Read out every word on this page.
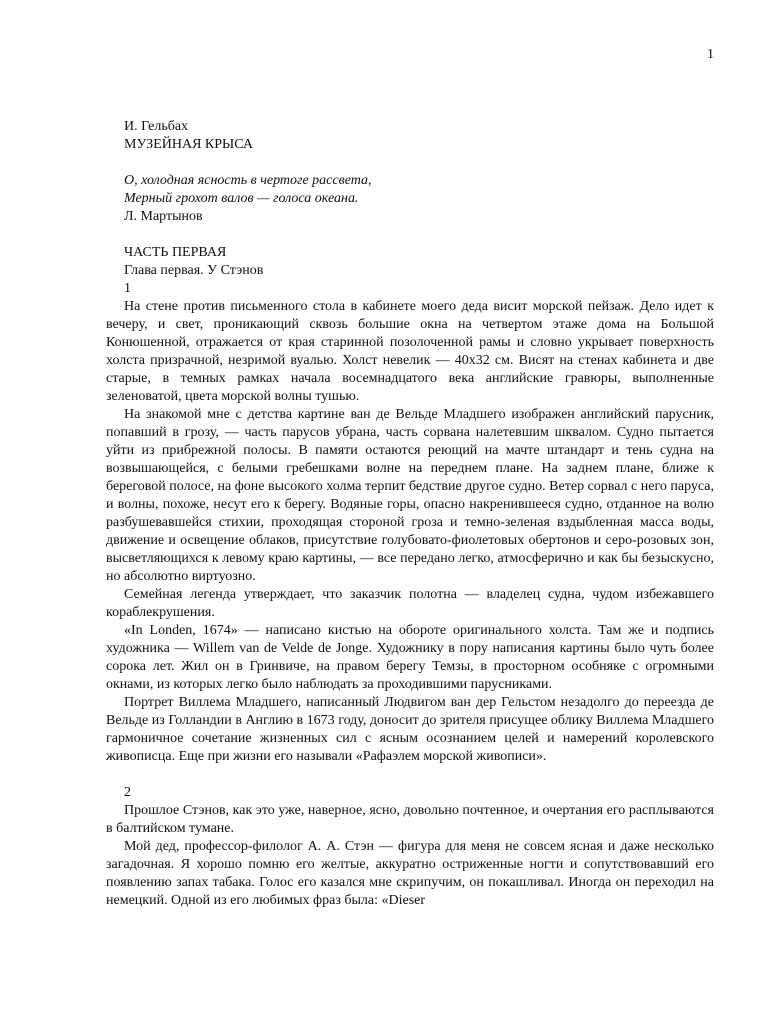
1
И. Гельбах
МУЗЕЙНАЯ КРЫСА
О, холодная ясность в чертоге рассвета,
Мерный грохот валов — голоса океана.
Л. Мартынов
ЧАСТЬ ПЕРВАЯ
Глава первая. У Стэнов
1

На стене против письменного стола в кабинете моего деда висит морской пейзаж. Дело идет к вечеру, и свет, проникающий сквозь большие окна на четвертом этаже дома на Большой Конюшенной, отражается от края старинной позолоченной рамы и словно укрывает поверхность холста призрачной, незримой вуалью. Холст невелик — 40х32 см. Висят на стенах кабинета и две старые, в темных рамках начала восемнадцатого века английские гравюры, выполненные зеленоватой, цвета морской волны тушью.

На знакомой мне с детства картине ван де Вельде Младшего изображен английский парусник, попавший в грозу, — часть парусов убрана, часть сорвана налетевшим шквалом. Судно пытается уйти из прибрежной полосы. В памяти остаются реющий на мачте штандарт и тень судна на возвышающейся, с белыми гребешками волне на переднем плане. На заднем плане, ближе к береговой полосе, на фоне высокого холма терпит бедствие другое судно. Ветер сорвал с него паруса, и волны, похоже, несут его к берегу. Водяные горы, опасно накренившееся судно, отданное на волю разбушевавшейся стихии, проходящая стороной гроза и темно-зеленая вздыбленная масса воды, движение и освещение облаков, присутствие голубовато-фиолетовых обертонов и серо-розовых зон, высветляющихся к левому краю картины, — все передано легко, атмосферично и как бы безыскусно, но абсолютно виртуозно.

Семейная легенда утверждает, что заказчик полотна — владелец судна, чудом избежавшего кораблекрушения.

«In Londen, 1674» — написано кистью на обороте оригинального холста. Там же и подпись художника — Willem van de Velde de Jonge. Художнику в пору написания картины было чуть более сорока лет. Жил он в Гринвиче, на правом берегу Темзы, в просторном особняке с огромными окнами, из которых легко было наблюдать за проходившими парусниками.

Портрет Виллема Младшего, написанный Людвигом ван дер Гельстом незадолго до переезда де Вельде из Голландии в Англию в 1673 году, доносит до зрителя присущее облику Виллема Младшего гармоничное сочетание жизненных сил с ясным осознанием целей и намерений королевского живописца. Еще при жизни его называли «Рафаэлем морской живописи».

2

Прошлое Стэнов, как это уже, наверное, ясно, довольно почтенное, и очертания его расплываются в балтийском тумане.

Мой дед, профессор-филолог А. А. Стэн — фигура для меня не совсем ясная и даже несколько загадочная. Я хорошо помню его желтые, аккуратно остриженные ногти и сопутствовавший его появлению запах табака. Голос его казался мне скрипучим, он покашливал. Иногда он переходил на немецкий. Одной из его любимых фраз была: «Dieser
